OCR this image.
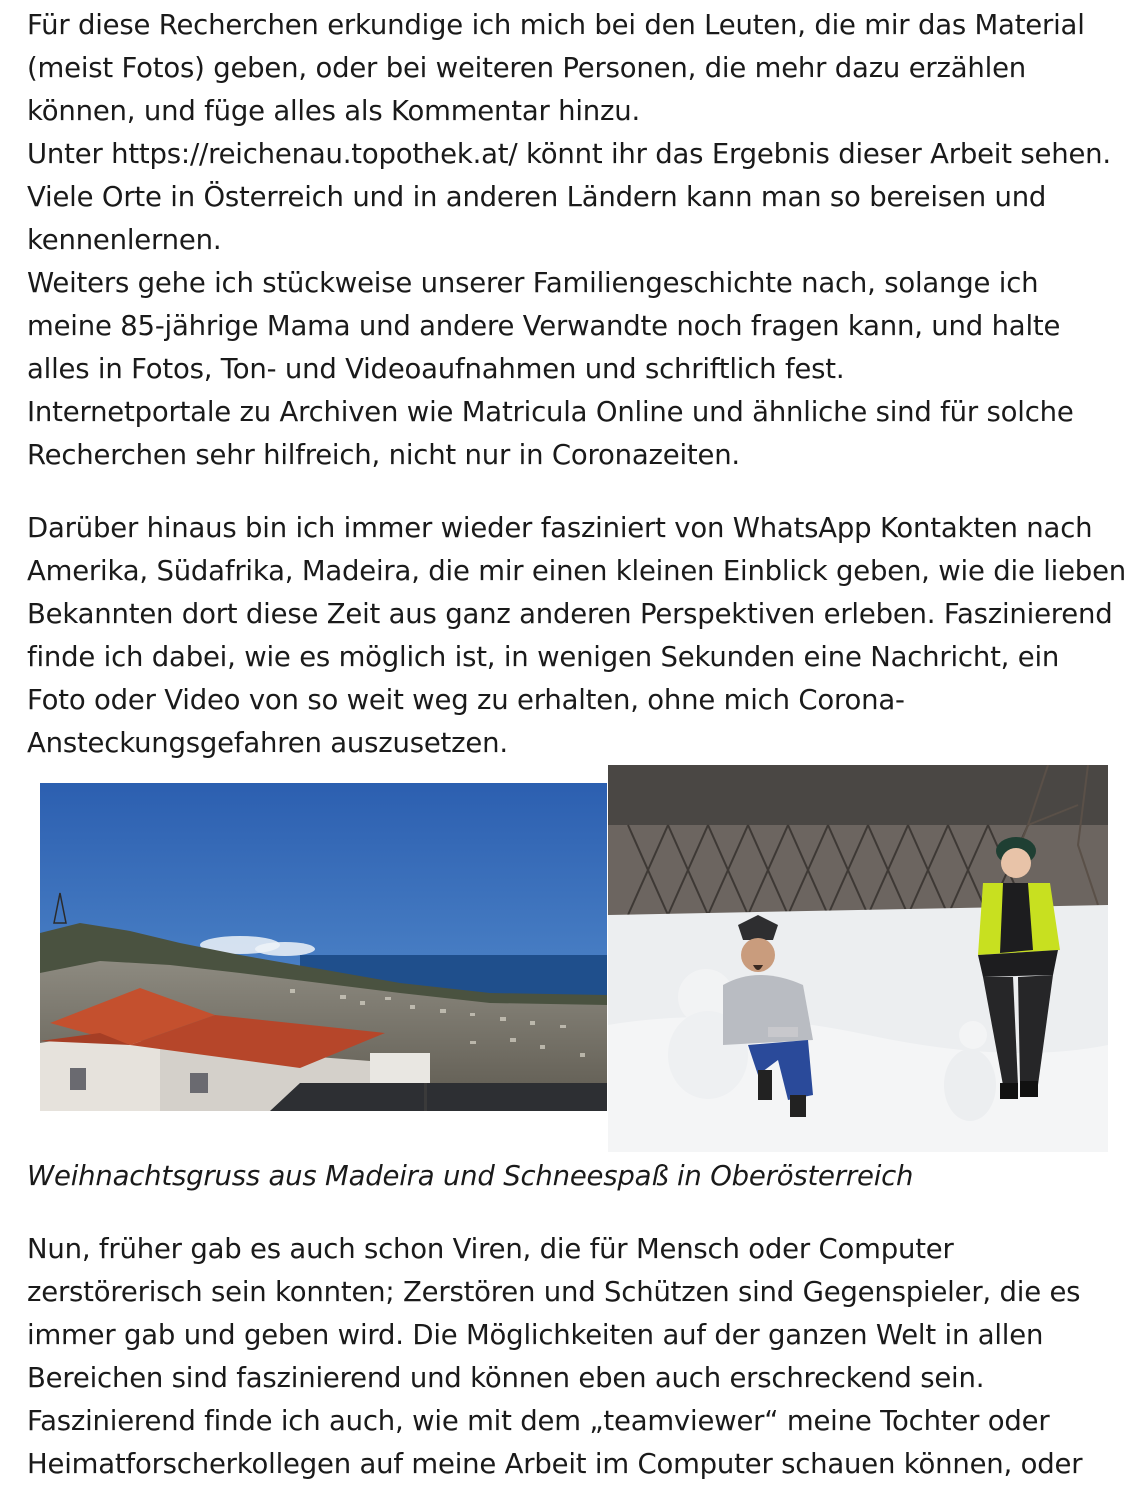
Für diese Recherchen erkundige ich mich bei den Leuten, die mir das Material
(meist Fotos) geben, oder bei weiteren Personen, die mehr dazu erzählen
können, und füge alles als Kommentar hinzu.
Unter https://reichenau.topothek.at/ könnt ihr das Ergebnis dieser Arbeit sehen.
Viele Orte in Österreich und in anderen Ländern kann man so bereisen und
kennenlernen.
Weiters gehe ich stückweise unserer Familiengeschichte nach, solange ich
meine 85-jährige Mama und andere Verwandte noch fragen kann, und halte
alles in Fotos, Ton- und Videoaufnahmen und schriftlich fest.
Internetportale zu Archiven wie Matricula Online und ähnliche sind für solche
Recherchen sehr hilfreich, nicht nur in Coronazeiten.

Darüber hinaus bin ich immer wieder fasziniert von WhatsApp Kontakten nach
Amerika, Südafrika, Madeira, die mir einen kleinen Einblick geben, wie die lieben
Bekannten dort diese Zeit aus ganz anderen Perspektiven erleben. Faszinierend
finde ich dabei, wie es möglich ist, in wenigen Sekunden eine Nachricht, ein
Foto oder Video von so weit weg zu erhalten, ohne mich Corona-
Ansteckungsgefahren auszusetzen.

Weihnachtsgruss aus Madeira und Schneespaß in Oberösterreich

Nun, früher gab es auch schon Viren, die für Mensch oder Computer
zerstörerisch sein konnten; Zerstören und Schützen sind Gegenspieler, die es
immer gab und geben wird. Die Möglichkeiten auf der ganzen Welt in allen
Bereichen sind faszinierend und können eben auch erschreckend sein.
Faszinierend finde ich auch, wie mit dem „teamviewer“ meine Tochter oder
Heimatforscherkollegen auf meine Arbeit im Computer schauen können, oder
